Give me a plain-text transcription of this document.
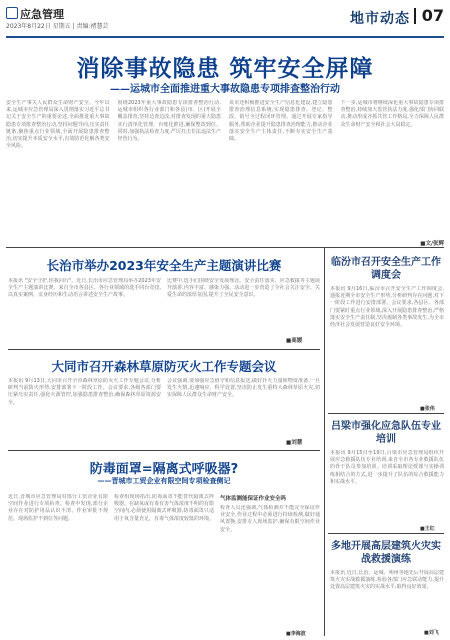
应急管理
2023年8月22日 星期五 | 责编:褚慧芸	地市动态 07
消除事故隐患 筑牢安全屏障
——运城市全面推进重大事故隐患专项排查整治行动
安全生产事关人民群众生命财产安全。今年以来,运城市应急管理局深入贯彻落实习近平总书记关于安全生产的重要论述,全面推进重大事故隐患专项排查整治行动,坚持问题导向,压实责任链条,聚焦重点行业领域,全面开展隐患排查整治,切实提升本质安全水平,有效防范化解各类安全风险。
围绕2023年重大事故隐患专项排查整治行动,运城市组织各行业部门和各县(市、区)开展全覆盖排查,坚持边查边改,对排查发现的重大隐患实行清单化管理、台账化推进,确保整改到位。同时,加强执法检查力度,严厉打击非法违法生产经营行为。
该市还积极推进安全生产信息化建设,建立隐患排查治理信息系统,实现隐患排查、登记、整改、销号全过程闭环管理。通过开展专家指导服务,帮助企业提升隐患排查治理能力,推动企业落实安全生产主体责任,不断夯实安全生产基础。
下一步,运城市将继续深化重大事故隐患专项排查整治,持续加大监管执法力度,强化部门协同联动,推动形成齐抓共管工作格局,全力保障人民群众生命财产安全和社会大局稳定。
■文/张辉
长治市举办2023年安全生产主题演讲比赛
本报讯 "安全守护,你我同行"。近日,长治市应急管理局举办2023年安全生产主题演讲比赛。来自全市各县区、各行业领域的选手同台竞技,以真实案例、亲身经历和生动语言讲述安全生产故事。
比赛中,选手们围绕安全发展理念、安全责任落实、应急救援等主题展开演讲,内容丰富、感染力强。活动进一步营造了全社会关注安全、关爱生命的浓厚氛围,提升了全民安全意识。
■高媛
大同市召开森林草原防灭火工作专题会议
本报讯 9月13日,大同市召开全市森林草原防灭火工作专题会议,分析研判当前防火形势,安排部署下一阶段工作。会议要求,各级各部门要压紧压实责任,强化火源管控,加强隐患排查整治,确保森林草原资源安全。
会议强调,要加强应急值守和信息报送,做好扑火力量和物资准备,一旦发生火情,迅速响应、科学处置,坚决防止发生重特大森林草原火灾,切实保障人民群众生命财产安全。
■刘慧
防毒面罩=隔离式呼吸器?
——晋城市工贸企业有限空间专项检查侧记
近日,晋城市应急管理局对部分工贸企业有限空间作业进行专项检查。检查中发现,部分企业存在对防护用品认识不清、作业审批不规范、现场监护不到位等问题。
检查组现场指出,防毒面罩不能替代隔离式呼吸器。在缺氧或有毒有害气体浓度不明的有限空间内,必须使用隔离式呼吸器,防毒面罩只适用于氧含量充足、有毒气体浓度较低的环境。
气体监测能保证作业安全吗
检查人员还强调,气体检测并不能完全保证作业安全,作业过程中必须进行持续检测,做好通风置换,安排专人现场监护,确保有限空间作业安全。
■李海波
临汾市召开安全生产工作调度会
本报讯 9月16日,临汾市召开安全生产工作调度会,通报近期全市安全生产形势,分析研判存在问题,对下一阶段工作进行安排部署。会议要求,各县区、各部门要紧盯重点行业领域,深入开展隐患排查整治,严格落实安全生产责任制,坚决遏制各类事故发生,为全市经济社会发展营造良好安全环境。
■张伟
吕梁市强化应急队伍专业培训
本报讯 9月15日至19日,吕梁市应急管理局组织开展应急救援队伍专业培训,来自全市各专业救援队伍的骨干队员参加培训。培训采取理论授课与实操训练相结合的方式,进一步提升了队伍的综合救援能力和实战水平。
■王红
多地开展高层建筑火灾实战救援演练
本报讯 近日,长治、运城、朔州等地先后开展高层建筑火灾实战救援演练,检验各部门应急联动能力,提升处置高层建筑火灾的实战水平,取得良好效果。
■刘飞
